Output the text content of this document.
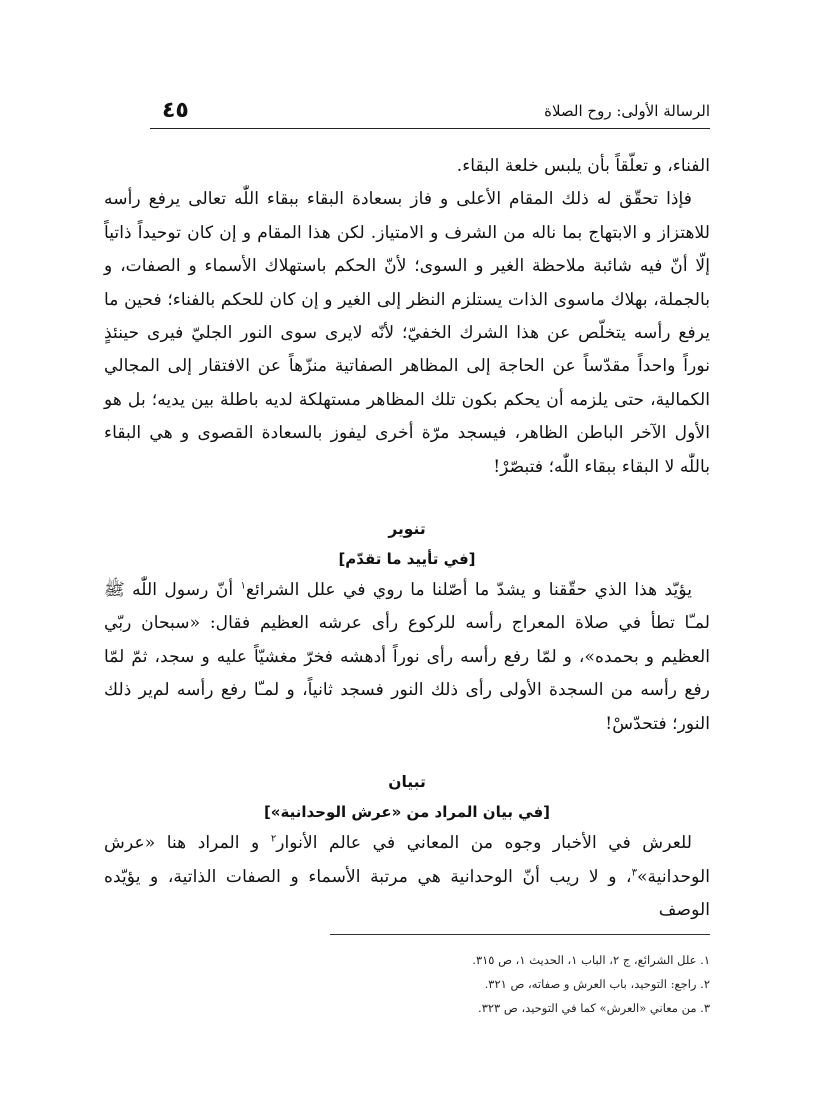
٤٥	الرسالة الأولى: روح الصلاة

الفناء، و تعلّقاً بأن يلبس خلعة البقاء.

فإذا تحقّق له ذلك المقام الأعلى و فاز بسعادة البقاء ببقاء اللّٰه تعالى يرفع رأسه للاهتزاز و الابتهاج بما ناله من الشرف و الامتياز. لكن هذا المقام و إن كان توحيداً ذاتياً إلّا أنّ فيه شائبة ملاحظة الغير و السوى؛ لأنّ الحكم باستهلاك الأسماء و الصفات، و بالجملة، بهلاك ماسوى الذات يستلزم النظر إلى الغير و إن كان للحكم بالفناء؛ فحين ما يرفع رأسه يتخلّص عن هذا الشرك الخفيّ؛ لأنّه لايرى سوى النور الجليّ فيرى حينئذٍ نوراً واحداً مقدّساً عن الحاجة إلى المظاهر الصفاتية منزّهاً عن الافتقار إلى المجالي الكمالية، حتى يلزمه أن يحكم بكون تلك المظاهر مستهلكة لديه باطلة بين يديه؛ بل هو الأول الآخر الباطن الظاهر، فيسجد مرّة أخرى ليفوز بالسعادة القصوى و هي البقاء باللّٰه لا البقاء ببقاء اللّٰه؛ فتبصّرْ!

تنوير

[في تأييد ما تقدّم]

يؤيّد هذا الذي حقّقنا و يشدّ ما أصّلنا ما روي في علل الشرائع$^١$ أنّ رسول اللّٰه ﷺ لمـّا تطأ في صلاة المعراج رأسه للركوع رأى عرشه العظيم فقال: «سبحان ربّي العظيم و بحمده»، و لمّا رفع رأسه رأى نوراً أدهشه فخرّ مغشيّاً عليه و سجد، ثمّ لمّا رفع رأسه من السجدة الأولى رأى ذلك النور فسجد ثانياً، و لمـّا رفع رأسه لم‌ير ذلك النور؛ فتحدّسْ!

تبيان

[في بيان المراد من «عرش الوحدانية»]

للعرش في الأخبار وجوه من المعاني في عالم الأنوار$^٢$ و المراد هنا «عرش الوحدانية»$^٣$، و لا ريب أنّ الوحدانية هي مرتبة الأسماء و الصفات الذاتية، و يؤيّده الوصف

١. علل الشرائع، ج ٢، الباب ١، الحديث ١، ص ٣١٥.

٢. راجع: التوحيد، باب العرش و صفاته، ص ٣٢١.

٣. من معاني «العرش» كما في التوحيد، ص ٣٢٣.
